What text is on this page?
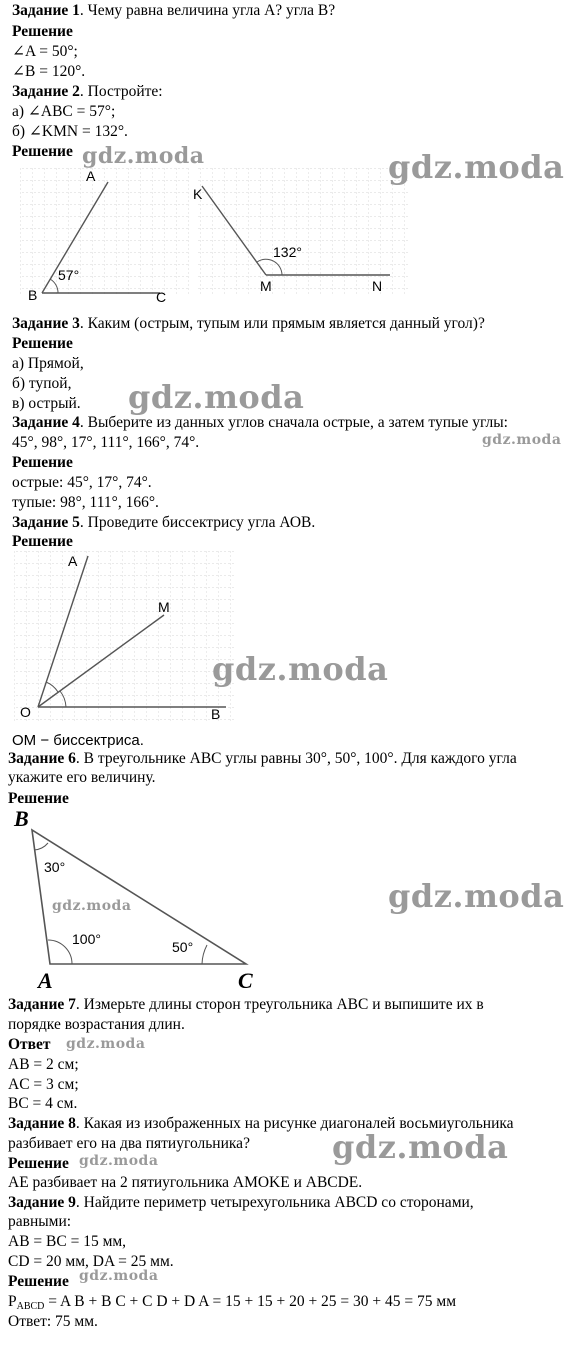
Задание 1. Чему равна величина угла А? угла В?
Решение
∠A = 50°;
∠B = 120°.
Задание 2. Постройте:
а) ∠ABC = 57°;
б) ∠KMN = 132°.
Решение
A
B	C
57°
K
M	N
132°
Задание 3. Каким (острым, тупым или прямым является данный угол)?
Решение
а) Прямой,
б) тупой,
в) острый.
Задание 4. Выберите из данных углов сначала острые, а затем тупые углы:
45°, 98°, 17°, 111°, 166°, 74°.
Решение
острые: 45°, 17°, 74°.
тупые: 98°, 111°, 166°.
Задание 5. Проведите биссектрису угла АОВ.
Решение
A
M
O	B
ОМ − биссектриса.
Задание 6. В треугольнике ABC углы равны 30°, 50°, 100°. Для каждого угла
укажите его величину.
Решение
B
A	C
30°
100°	50°
Задание 7. Измерьте длины сторон треугольника ABC и выпишите их в
порядке возрастания длин.
Ответ
AB = 2 см;
AC = 3 см;
BC = 4 см.
Задание 8. Какая из изображенных на рисунке диагоналей восьмиугольника
разбивает его на два пятиугольника?
Решение
AE разбивает на 2 пятиугольника AMOKE и ABCDE.
Задание 9. Найдите периметр четырехугольника ABCD со сторонами,
равными:
AB = BC = 15 мм,
CD = 20 мм, DA = 25 мм.
Решение
$P_{ABCD} = A$ B + B C + C D + D A = 15 + 15 + 20 + 25 = 30 + 45 = 75 мм
Ответ: 75 мм.
gdz.moda
gdz.moda
gdz.moda
gdz.moda
gdz.moda
gdz.moda
gdz.moda
gdz.moda
gdz.moda
gdz.moda
gdz.moda
